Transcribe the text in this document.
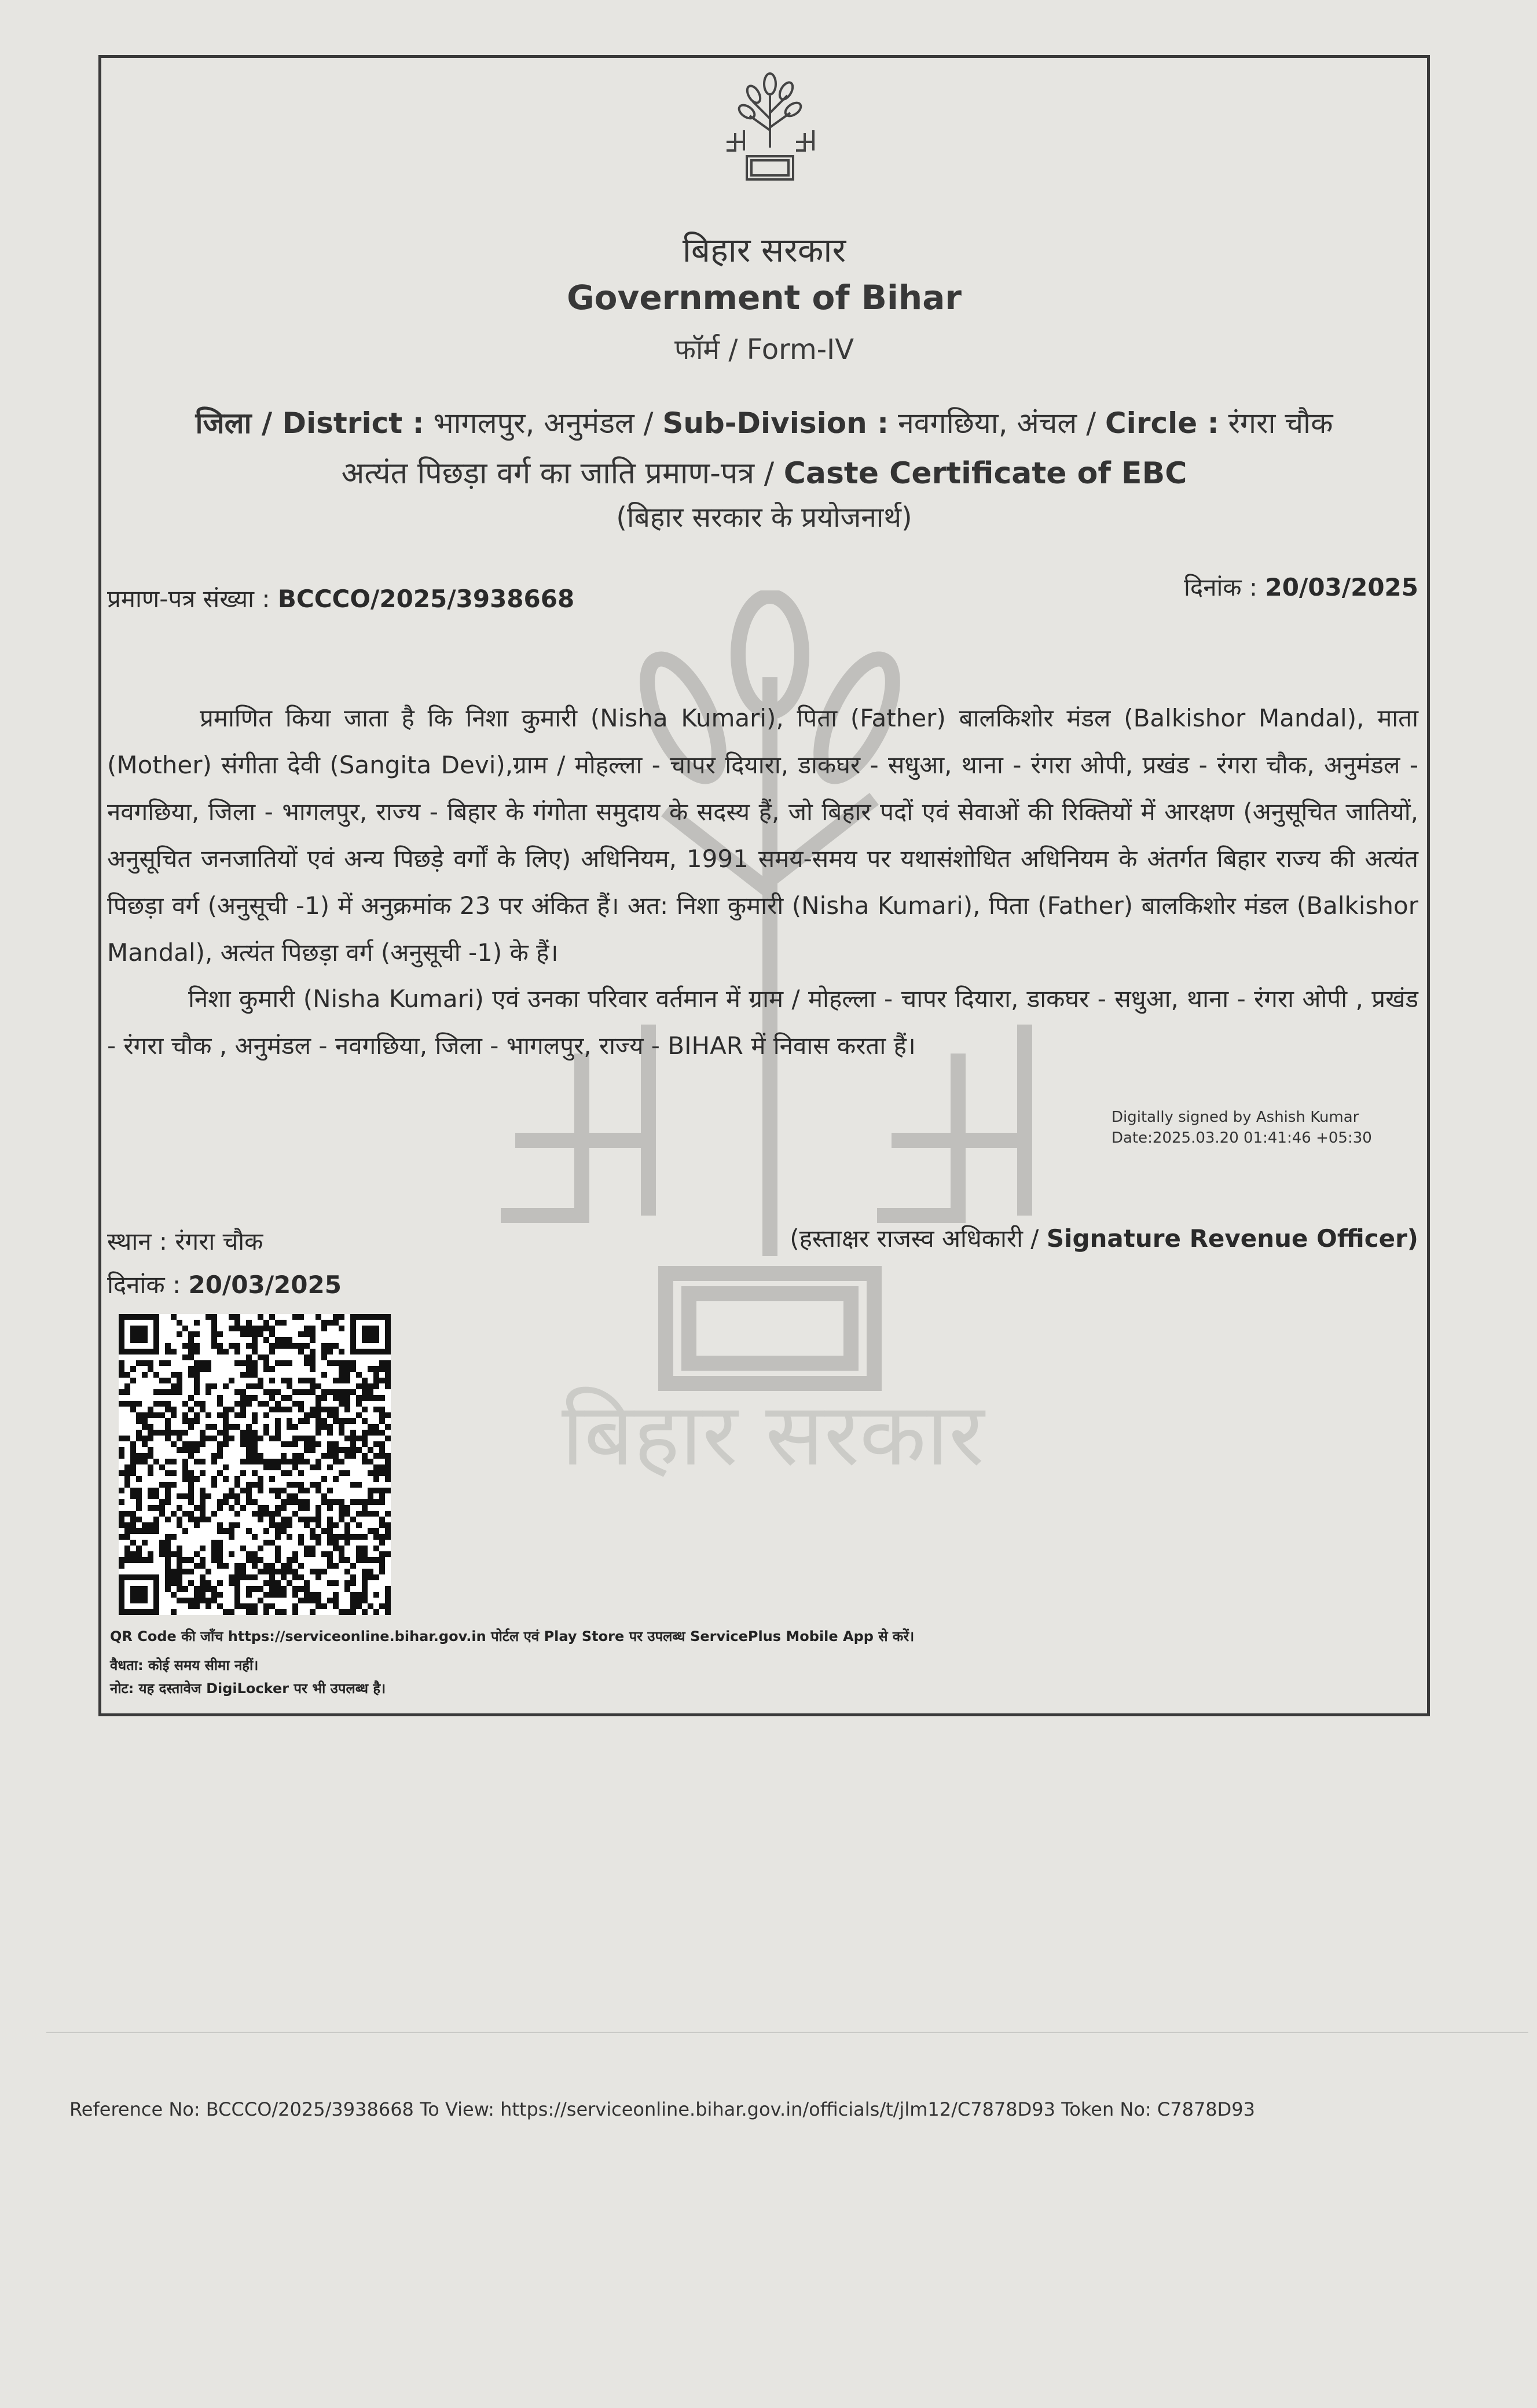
बिहार सरकार
बिहार सरकार
Government of Bihar
फॉर्म / Form-IV
जिला / District : भागलपुर, अनुमंडल / Sub-Division : नवगछिया, अंचल / Circle : रंगरा चौक
अत्यंत पिछड़ा वर्ग का जाति प्रमाण-पत्र / Caste Certificate of EBC
(बिहार सरकार के प्रयोजनार्थ)
प्रमाण-पत्र संख्या : BCCCO/2025/3938668	दिनांक : 20/03/2025
प्रमाणित किया जाता है कि निशा कुमारी (Nisha Kumari), पिता (Father) बालकिशोर मंडल (Balkishor Mandal), माता (Mother) संगीता देवी (Sangita Devi),ग्राम / मोहल्ला - चापर दियारा, डाकघर - सधुआ, थाना - रंगरा ओपी, प्रखंड - रंगरा चौक, अनुमंडल - नवगछिया, जिला - भागलपुर, राज्य - बिहार के गंगोता समुदाय के सदस्य हैं, जो बिहार पदों एवं सेवाओं की रिक्तियों में आरक्षण (अनुसूचित जातियों, अनुसूचित जनजातियों एवं अन्य पिछड़े वर्गों के लिए) अधिनियम, 1991 समय-समय पर यथासंशोधित अधिनियम के अंतर्गत बिहार राज्य की अत्यंत पिछड़ा वर्ग (अनुसूची -1) में अनुक्रमांक 23 पर अंकित हैं। अत: निशा कुमारी (Nisha Kumari), पिता (Father) बालकिशोर मंडल (Balkishor Mandal), अत्यंत पिछड़ा वर्ग (अनुसूची -1) के हैं।
निशा कुमारी (Nisha Kumari) एवं उनका परिवार वर्तमान में ग्राम / मोहल्ला - चापर दियारा, डाकघर - सधुआ, थाना - रंगरा ओपी , प्रखंड - रंगरा चौक , अनुमंडल - नवगछिया, जिला - भागलपुर, राज्य - BIHAR में निवास करता हैं।
Digitally signed by Ashish Kumar
Date:2025.03.20 01:41:46 +05:30
स्थान : रंगरा चौक
दिनांक : 20/03/2025
(हस्ताक्षर राजस्व अधिकारी / Signature Revenue Officer)
QR Code की जाँच https://serviceonline.bihar.gov.in पोर्टल एवं Play Store पर उपलब्ध ServicePlus Mobile App से करें।
वैधता: कोई समय सीमा नहीं।
नोट: यह दस्तावेज DigiLocker पर भी उपलब्ध है।
Reference No: BCCCO/2025/3938668 To View: https://serviceonline.bihar.gov.in/officials/t/jlm12/C7878D93 Token No: C7878D93
